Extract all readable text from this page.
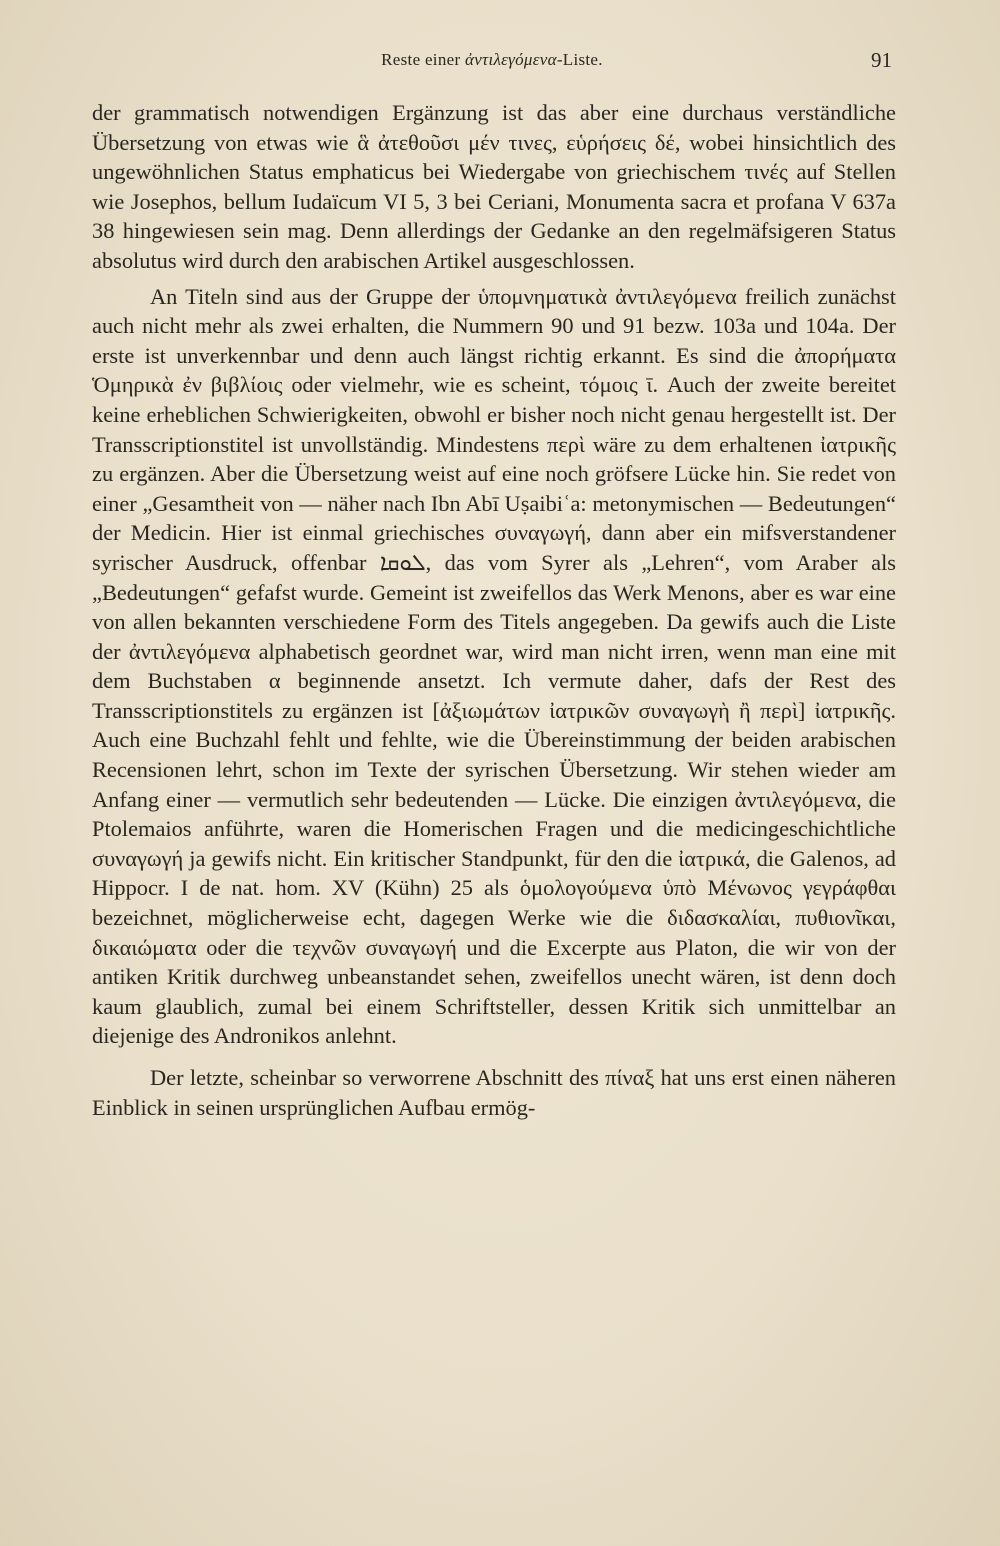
Reste einer ἀντιλεγόμενα-Liste.	91

der grammatisch notwendigen Ergänzung ist das aber eine durchaus verständliche Übersetzung von etwas wie ἃ ἀτεθοῦσι μέν τινες, εὑρήσεις δέ, wobei hinsichtlich des ungewöhnlichen Status emphaticus bei Wiedergabe von griechischem τινές auf Stellen wie Josephos, bellum Iudaïcum VI 5, 3 bei Ceriani, Monumenta sacra et profana V 637a 38 hingewiesen sein mag. Denn allerdings der Gedanke an den regelmäfsigeren Status absolutus wird durch den arabischen Artikel ausgeschlossen.

An Titeln sind aus der Gruppe der ὑπομνηματικὰ ἀντιλεγόμενα freilich zunächst auch nicht mehr als zwei erhalten, die Nummern 90 und 91 bezw. 103a und 104a. Der erste ist unverkennbar und denn auch längst richtig erkannt. Es sind die ἀπορήματα Ὁμηρικὰ ἐν βιβλίοις oder vielmehr, wie es scheint, τόμοις ῑ. Auch der zweite bereitet keine erheblichen Schwierigkeiten, obwohl er bisher noch nicht genau hergestellt ist. Der Transscriptionstitel ist unvollständig. Mindestens περὶ wäre zu dem erhaltenen ἰατρικῆς zu ergänzen. Aber die Übersetzung weist auf eine noch gröfsere Lücke hin. Sie redet von einer „Gesamtheit von — näher nach Ibn Abī Uṣaibiʿa: metonymischen — Bedeutungen“ der Medicin. Hier ist einmal griechisches συναγωγή, dann aber ein mifsverstandener syrischer Ausdruck, offenbar ܠܘܩܐ, das vom Syrer als „Lehren“, vom Araber als „Bedeutungen“ gefafst wurde. Gemeint ist zweifellos das Werk Menons, aber es war eine von allen bekannten verschiedene Form des Titels angegeben. Da gewifs auch die Liste der ἀντιλεγόμενα alphabetisch geordnet war, wird man nicht irren, wenn man eine mit dem Buchstaben α beginnende ansetzt. Ich vermute daher, dafs der Rest des Transscriptionstitels zu ergänzen ist [ἀξιωμάτων ἰατρικῶν συναγωγὴ ἢ περὶ] ἰατρικῆς. Auch eine Buchzahl fehlt und fehlte, wie die Übereinstimmung der beiden arabischen Recensionen lehrt, schon im Texte der syrischen Übersetzung. Wir stehen wieder am Anfang einer — vermutlich sehr bedeutenden — Lücke. Die einzigen ἀντιλεγόμενα, die Ptolemaios anführte, waren die Homerischen Fragen und die medicingeschichtliche συναγωγή ja gewifs nicht. Ein kritischer Standpunkt, für den die ἰατρικά, die Galenos, ad Hippocr. I de nat. hom. XV (Kühn) 25 als ὁμολογούμενα ὑπὸ Μένωνος γεγράφθαι bezeichnet, möglicherweise echt, dagegen Werke wie die διδασκαλίαι, πυθιονῖκαι, δικαιώματα oder die τεχνῶν συναγωγή und die Excerpte aus Platon, die wir von der antiken Kritik durchweg unbeanstandet sehen, zweifellos unecht wären, ist denn doch kaum glaublich, zumal bei einem Schriftsteller, dessen Kritik sich unmittelbar an diejenige des Andronikos anlehnt.

Der letzte, scheinbar so verworrene Abschnitt des πίναξ hat uns erst einen näheren Einblick in seinen ursprünglichen Aufbau ermög-
